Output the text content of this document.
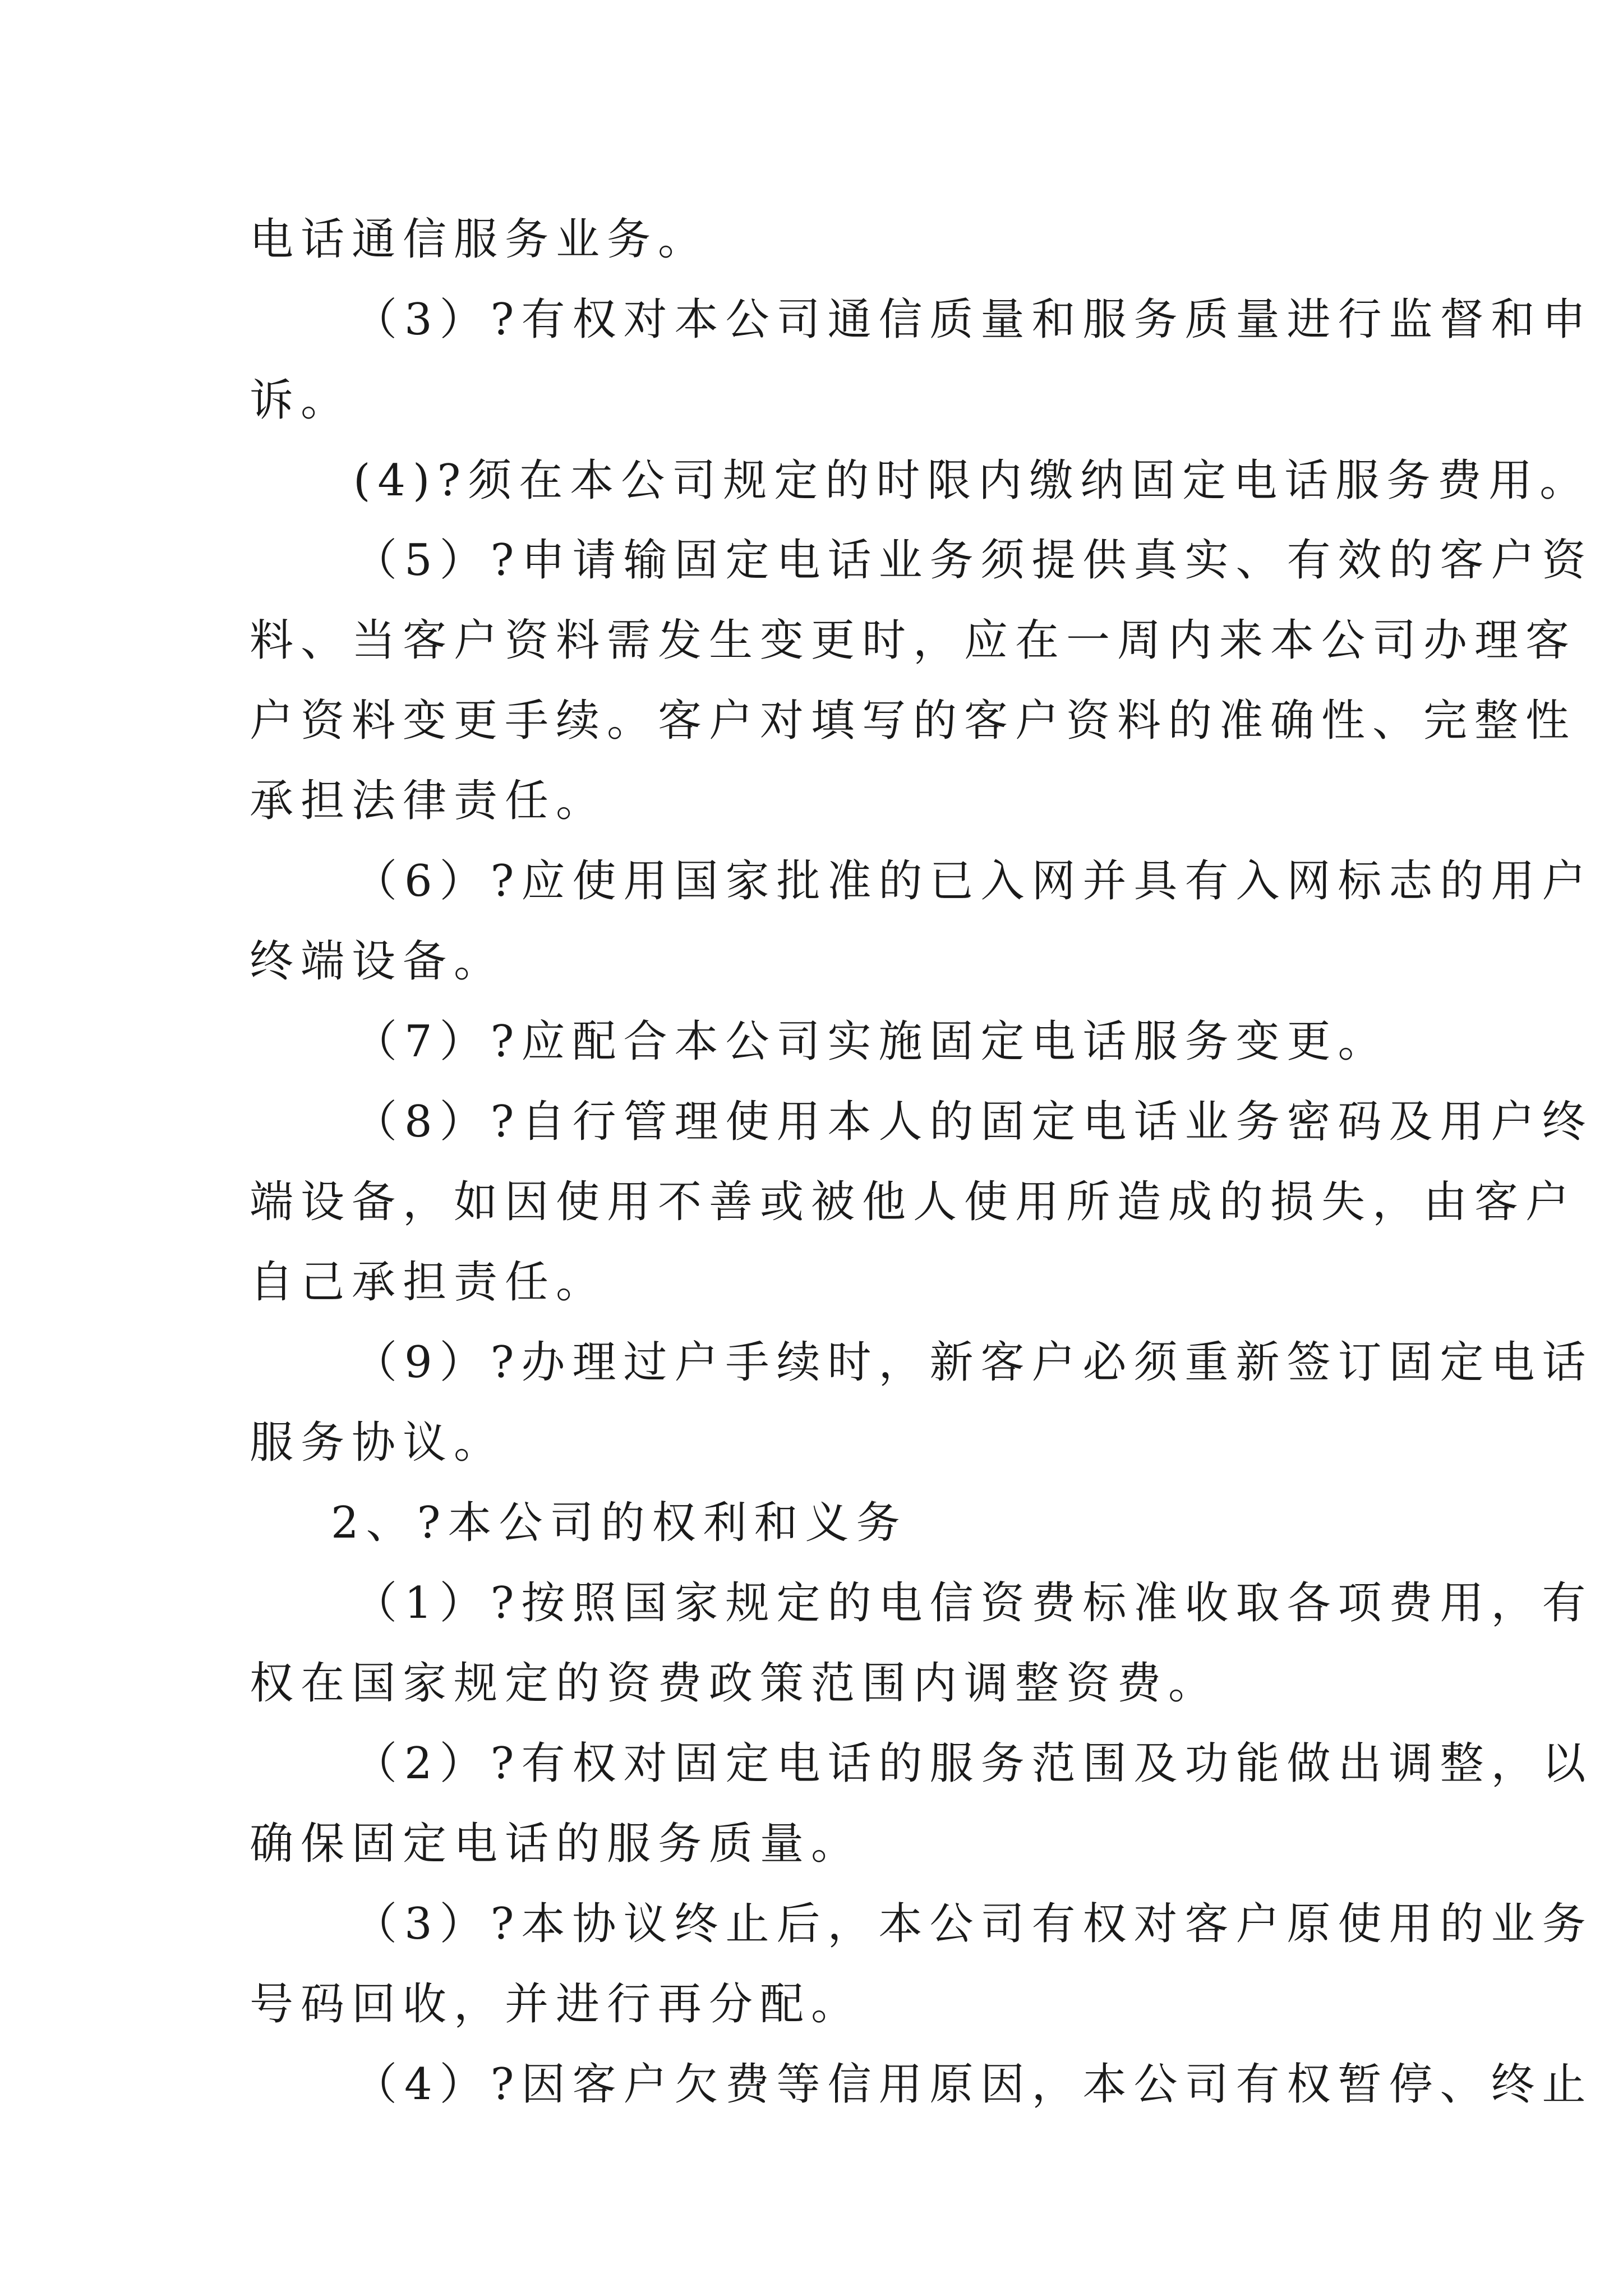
电话通信服务业务。
（3）?有权对本公司通信质量和服务质量进行监督和申
诉。
(4)?须在本公司规定的时限内缴纳固定电话服务费用。
（5）?申请输固定电话业务须提供真实、有效的客户资
料、当客户资料需发生变更时，应在一周内来本公司办理客
户资料变更手续。客户对填写的客户资料的准确性、完整性
承担法律责任。
（6）?应使用国家批准的已入网并具有入网标志的用户
终端设备。
（7）?应配合本公司实施固定电话服务变更。
（8）?自行管理使用本人的固定电话业务密码及用户终
端设备，如因使用不善或被他人使用所造成的损失，由客户
自己承担责任。
（9）?办理过户手续时，新客户必须重新签订固定电话
服务协议。
2、?本公司的权利和义务
（1）?按照国家规定的电信资费标准收取各项费用，有
权在国家规定的资费政策范围内调整资费。
（2）?有权对固定电话的服务范围及功能做出调整，以
确保固定电话的服务质量。
（3）?本协议终止后，本公司有权对客户原使用的业务
号码回收，并进行再分配。
（4）?因客户欠费等信用原因，本公司有权暂停、终止
